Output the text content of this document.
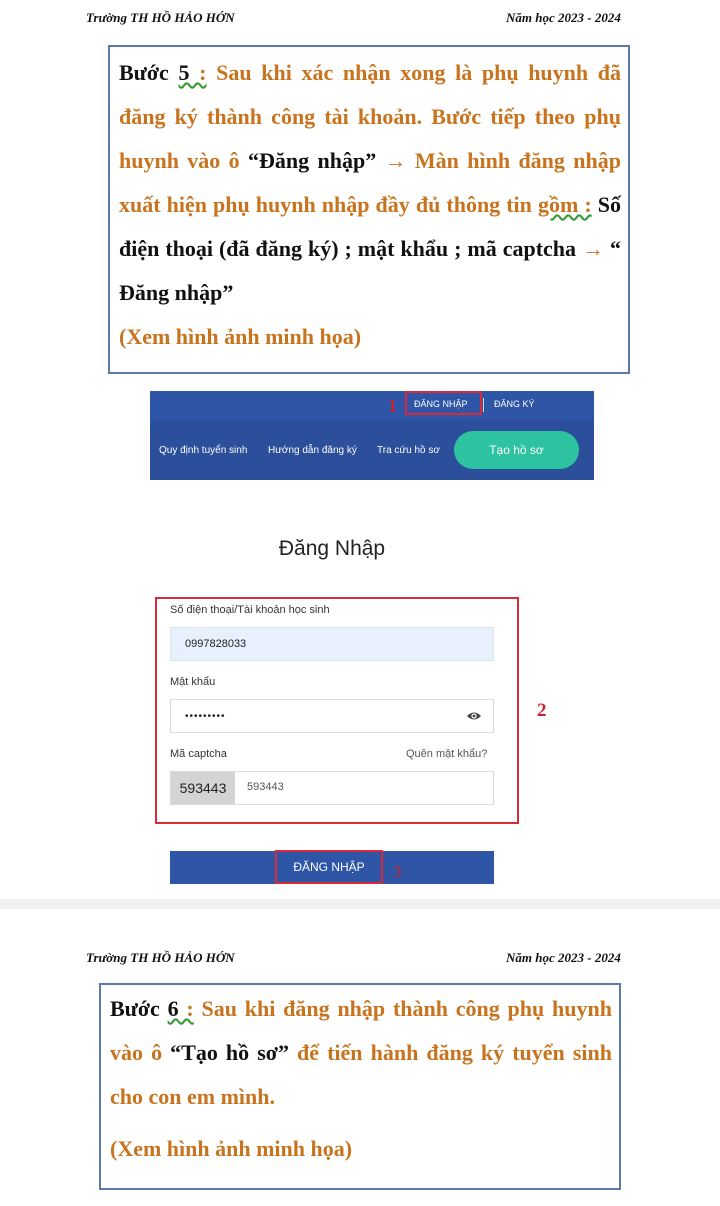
Trường TH HỒ HẢO HỚN	Năm học 2023 - 2024
Bước 5 : Sau khi xác nhận xong là phụ huynh đã đăng ký thành công tài khoản. Bước tiếp theo phụ huynh vào ô “Đăng nhập” → Màn hình đăng nhập xuất hiện phụ huynh nhập đầy đủ thông tin gồm : Số điện thoại (đã đăng ký) ; mật khẩu ; mã captcha → “ Đăng nhập”
(Xem hình ảnh minh họa)
ĐĂNG NHẬP	ĐĂNG KÝ
1
Quy định tuyển sinh Hướng dẫn đăng ký Tra cứu hồ sơ	Tạo hồ sơ
Đăng Nhập
2
Số điện thoại/Tài khoản học sinh
0997828033
Mật khẩu
•••••••••
Mã captcha	Quên mật khẩu?
593443	593443
ĐĂNG NHẬP	3
Trường TH HỒ HẢO HỚN	Năm học 2023 - 2024
Bước 6 : Sau khi đăng nhập thành công phụ huynh vào ô “Tạo hồ sơ” để tiến hành đăng ký tuyển sinh cho con em mình.
(Xem hình ảnh minh họa)
